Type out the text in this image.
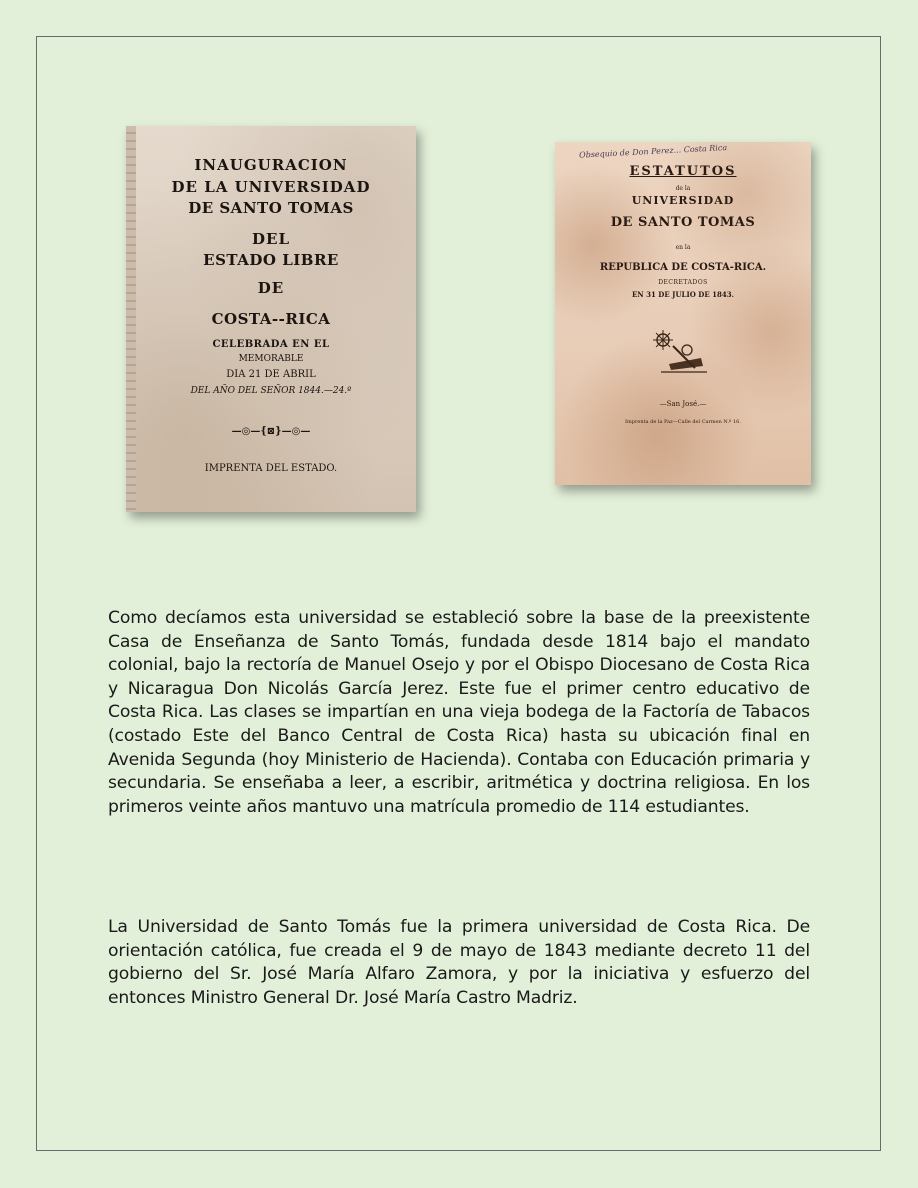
INAUGURACION
DE LA UNIVERSIDAD
DE SANTO TOMAS
DEL
ESTADO LIBRE
DE
COSTA--RICA
CELEBRADA EN EL
MEMORABLE
DIA 21 DE ABRIL
DEL AÑO DEL SEÑOR 1844.—24.º
—◎—{⊠}—◎—
IMPRENTA DEL ESTADO.
Obsequio de Don Perez... Costa Rica
ESTATUTOS
de la
UNIVERSIDAD
DE SANTO TOMAS
en la
REPUBLICA DE COSTA-RICA.
DECRETADOS
EN 31 DE JULIO DE 1843.
—San José.—
Imprenta de la Paz—Calle del Carmen N.º 16.

Como decíamos esta universidad se estableció sobre la base de la preexistente Casa de Enseñanza de Santo Tomás, fundada desde 1814 bajo el mandato colonial, bajo la rectoría de Manuel Osejo y por el Obispo Diocesano de Costa Rica y Nicaragua Don Nicolás García Jerez. Este fue el primer centro educativo de Costa Rica. Las clases se impartían en una vieja bodega de la Factoría de Tabacos (costado Este del Banco Central de Costa Rica) hasta su ubicación final en Avenida Segunda (hoy Ministerio de Hacienda). Contaba con Educación primaria y secundaria. Se enseñaba a leer, a escribir, aritmética y doctrina religiosa. En los primeros veinte años mantuvo una matrícula promedio de 114 estudiantes.

La Universidad de Santo Tomás fue la primera universidad de Costa Rica. De orientación católica, fue creada el 9 de mayo de 1843 mediante decreto 11 del gobierno del Sr. José María Alfaro Zamora, y por la iniciativa y esfuerzo del entonces Ministro General Dr. José María Castro Madriz.
